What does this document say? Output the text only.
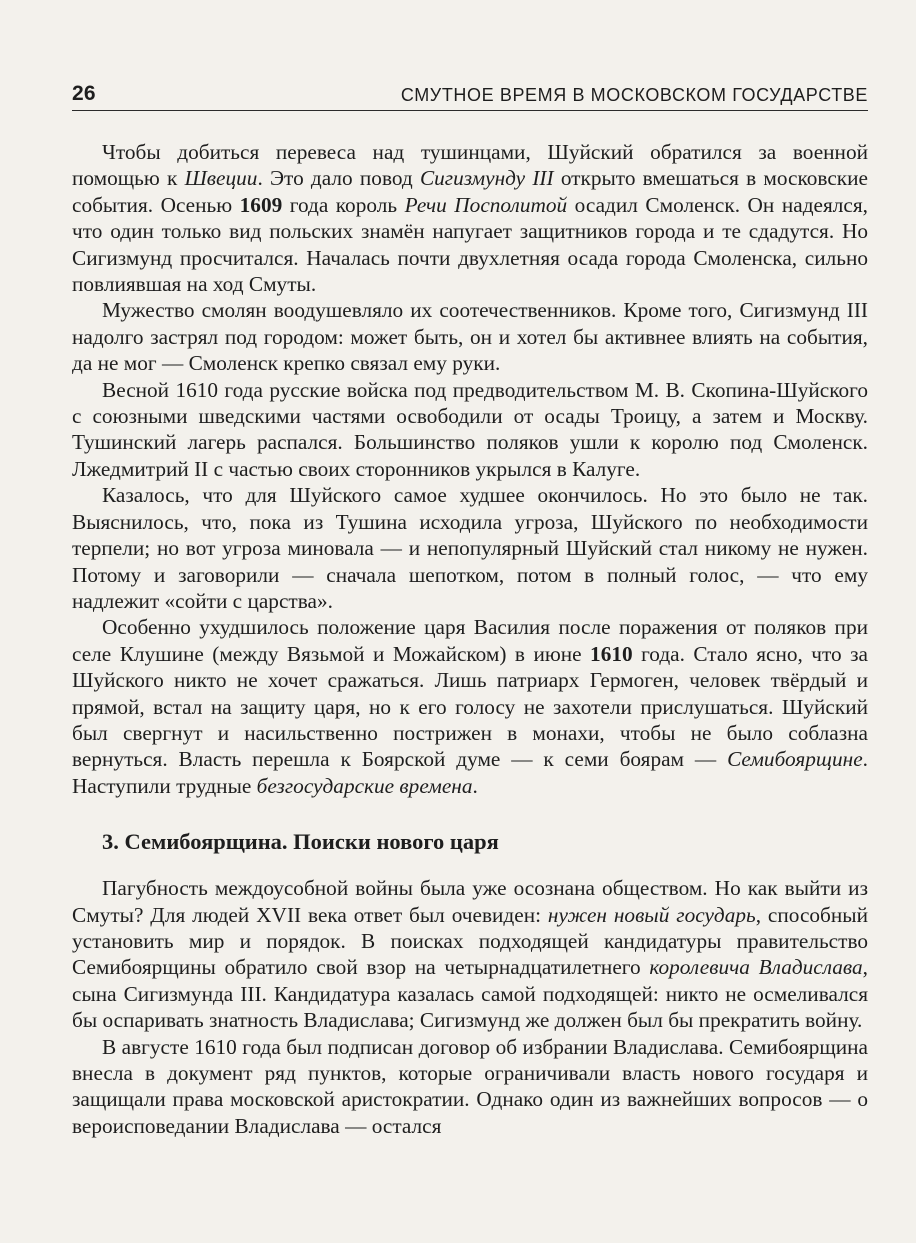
26	СМУТНОЕ ВРЕМЯ В МОСКОВСКОМ ГОСУДАРСТВЕ

Чтобы добиться перевеса над тушинцами, Шуйский обратился за военной помощью к Швеции. Это дало повод Сигизмунду III открыто вмешаться в московские события. Осенью 1609 года король Речи Посполитой осадил Смоленск. Он надеялся, что один только вид польских знамён напугает защитников города и те сдадутся. Но Сигизмунд просчитался. Началась почти двухлетняя осада города Смоленска, сильно повлиявшая на ход Смуты.

Мужество смолян воодушевляло их соотечественников. Кроме того, Сигизмунд III надолго застрял под городом: может быть, он и хотел бы активнее влиять на события, да не мог — Смоленск крепко связал ему руки.

Весной 1610 года русские войска под предводительством М. В. Скопина-Шуйского с союзными шведскими частями освободили от осады Троицу, а затем и Москву. Тушинский лагерь распался. Большинство поляков ушли к королю под Смоленск. Лжедмитрий II с частью своих сторонников укрылся в Калуге.

Казалось, что для Шуйского самое худшее окончилось. Но это было не так. Выяснилось, что, пока из Тушина исходила угроза, Шуйского по необходимости терпели; но вот угроза миновала — и непопулярный Шуйский стал никому не нужен. Потому и заговорили — сначала шепотком, потом в полный голос, — что ему надлежит «сойти с царства».

Особенно ухудшилось положение царя Василия после поражения от поляков при селе Клушине (между Вязьмой и Можайском) в июне 1610 года. Стало ясно, что за Шуйского никто не хочет сражаться. Лишь патриарх Гермоген, человек твёрдый и прямой, встал на защиту царя, но к его голосу не захотели прислушаться. Шуйский был свергнут и насильственно пострижен в монахи, чтобы не было соблазна вернуться. Власть перешла к Боярской думе — к семи боярам — Семибоярщине. Наступили трудные безгосударские времена.

3. Семибоярщина. Поиски нового царя

Пагубность междоусобной войны была уже осознана обществом. Но как выйти из Смуты? Для людей XVII века ответ был очевиден: нужен новый государь, способный установить мир и порядок. В поисках подходящей кандидатуры правительство Семибоярщины обратило свой взор на четырнадцатилетнего королевича Владислава, сына Сигизмунда III. Кандидатура казалась самой подходящей: никто не осмеливался бы оспаривать знатность Владислава; Сигизмунд же должен был бы прекратить войну.

В августе 1610 года был подписан договор об избрании Владислава. Семибоярщина внесла в документ ряд пунктов, которые ограничивали власть нового государя и защищали права московской аристократии. Однако один из важнейших вопросов — о вероисповедании Владислава — остался
